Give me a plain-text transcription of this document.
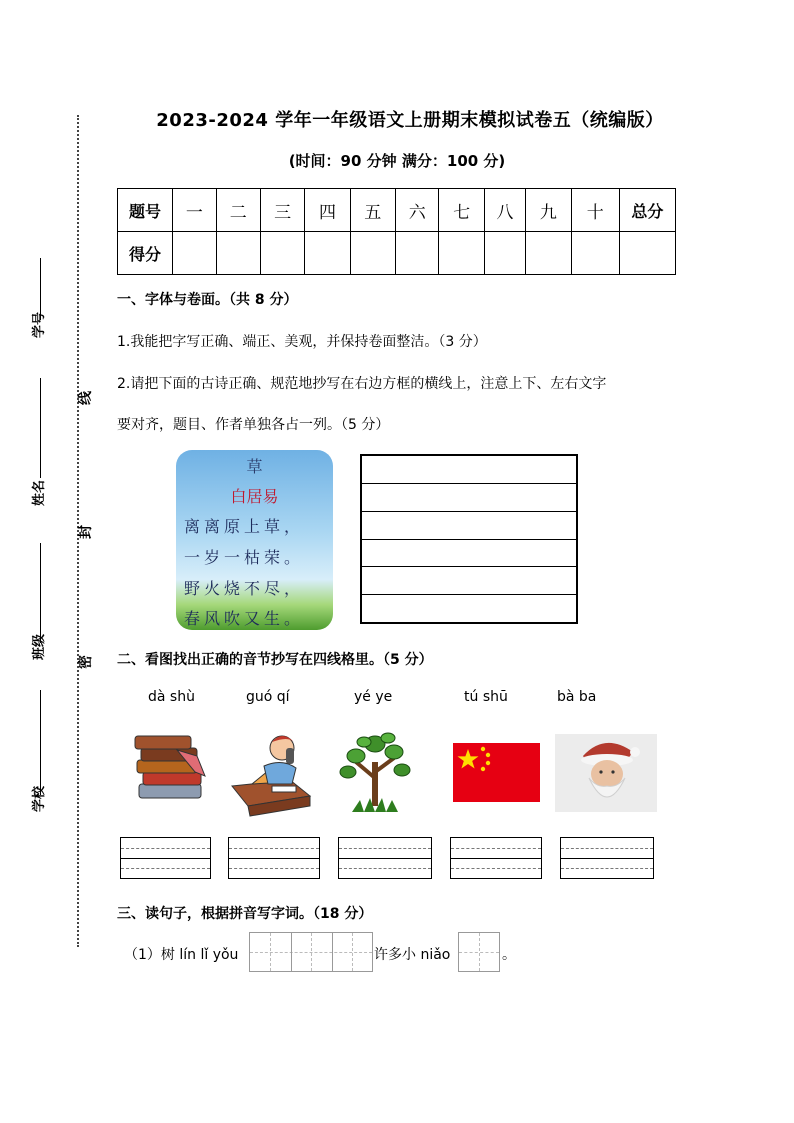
学号
姓名
班级
学校
线
封
密
2023-2024 学年一年级语文上册期末模拟试卷五（统编版）
(时间：90 分钟 满分：100 分)
题号	一	二	三	四	五	六	七	八	九	十	总分
得分											
一、字体与卷面。（共 8 分）
1.我能把字写正确、端正、美观，并保持卷面整洁。（3 分）
2.请把下面的古诗正确、规范地抄写在右边方框的横线上，注意上下、左右文字
要对齐，题目、作者单独各占一列。（5 分）
草
白居易
离离原上草，
一岁一枯荣。
野火烧不尽，
春风吹又生。
二、看图找出正确的音节抄写在四线格里。（5 分）
dà shù	guó qí	yé ye	tú shū	bà ba
三、读句子，根据拼音写字词。（18 分）
（1）树 lín lǐ yǒu	许多小 niǎo	。
